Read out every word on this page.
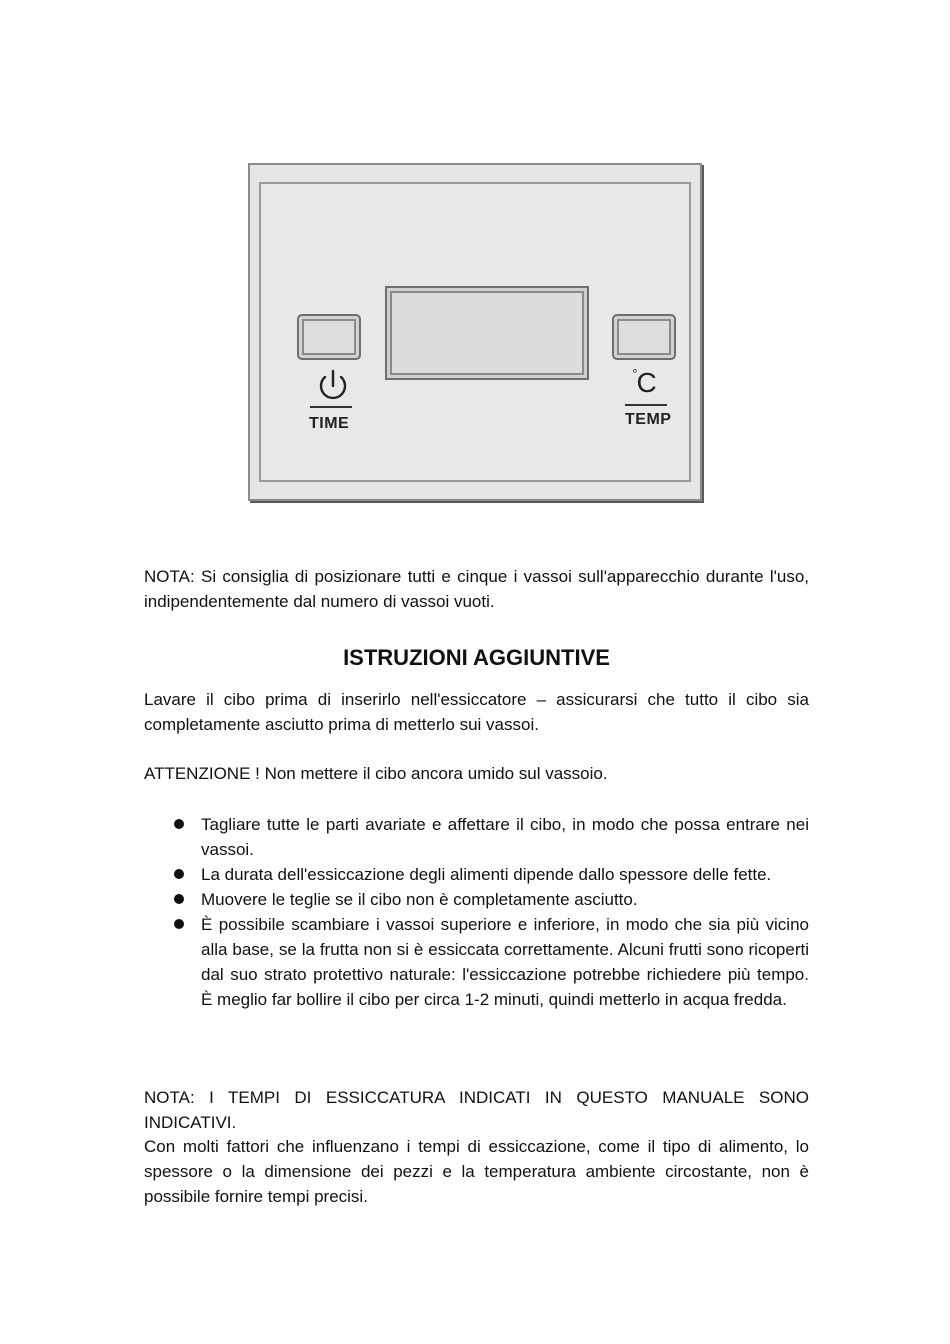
TIME
°C
TEMP

NOTA: Si consiglia di posizionare tutti e cinque i vassoi sull'apparecchio durante l'uso, indipendentemente dal numero di vassoi vuoti.

ISTRUZIONI AGGIUNTIVE

Lavare il cibo prima di inserirlo nell'essiccatore – assicurarsi che tutto il cibo sia completamente asciutto prima di metterlo sui vassoi.

ATTENZIONE ! Non mettere il cibo ancora umido sul vassoio.

Tagliare tutte le parti avariate e affettare il cibo, in modo che possa entrare nei vassoi.
La durata dell'essiccazione degli alimenti dipende dallo spessore delle fette.
Muovere le teglie se il cibo non è completamente asciutto.
È possibile scambiare i vassoi superiore e inferiore, in modo che sia più vicino alla base, se la frutta non si è essiccata correttamente. Alcuni frutti sono ricoperti dal suo strato protettivo naturale: l'essiccazione potrebbe richiedere più tempo. È meglio far bollire il cibo per circa 1-2 minuti, quindi metterlo in acqua fredda.

NOTA: I TEMPI DI ESSICCATURA INDICATI IN QUESTO MANUALE SONO INDICATIVI.

Con molti fattori che influenzano i tempi di essiccazione, come il tipo di alimento, lo spessore o la dimensione dei pezzi e la temperatura ambiente circostante, non è possibile fornire tempi precisi.
